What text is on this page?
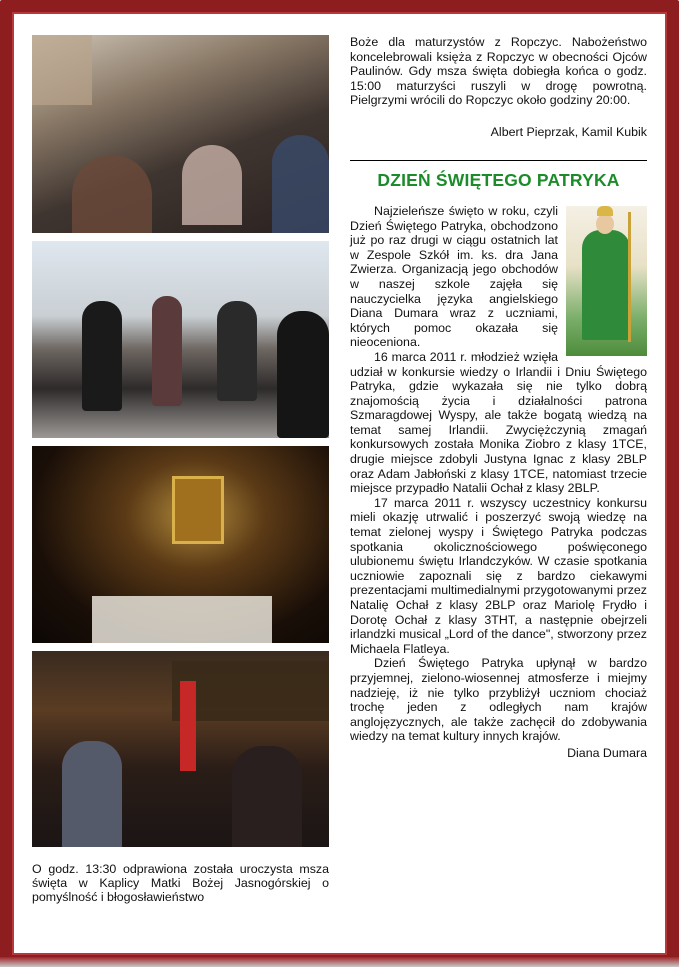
O godz. 13:30 odprawiona została uroczysta msza święta w Kaplicy Matki Bożej Jasnogórskiej o pomyślność i błogosławieństwo

Boże dla maturzystów z Ropczyc. Nabożeństwo koncelebrowali księża z Ropczyc w obecności Ojców Paulinów. Gdy msza święta dobiegła końca o godz. 15:00 maturzyści ruszyli w drogę powrotną. Pielgrzymi wrócili do Ropczyc około godziny 20:00.

Albert Pieprzak, Kamil Kubik
DZIEŃ ŚWIĘTEGO PATRYKA

Najzieleńsze święto w roku, czyli Dzień Świętego Patryka, obchodzono już po raz drugi w ciągu ostatnich lat w Zespole Szkół im. ks. dra Jana Zwierza. Organizacją jego obchodów w naszej szkole zajęła się nauczycielka języka angielskiego Diana Dumara wraz z uczniami, których pomoc okazała się nieoceniona.

16 marca 2011 r. młodzież wzięła udział w konkursie wiedzy o Irlandii i Dniu Świętego Patryka, gdzie wykazała się nie tylko dobrą znajomością życia i działalności patrona Szmaragdowej Wyspy, ale także bogatą wiedzą na temat samej Irlandii. Zwyciężczynią zmagań konkursowych została Monika Ziobro z klasy 1TCE, drugie miejsce zdobyli Justyna Ignac z klasy 2BLP oraz Adam Jabłoński z klasy 1TCE, natomiast trzecie miejsce przypadło Natalii Ochał z klasy 2BLP.

17 marca 2011 r. wszyscy uczestnicy konkursu mieli okazję utrwalić i poszerzyć swoją wiedzę na temat zielonej wyspy i Świętego Patryka podczas spotkania okolicznościowego poświęconego ulubionemu świętu Irlandczyków. W czasie spotkania uczniowie zapoznali się z bardzo ciekawymi prezentacjami multimedialnymi przygotowanymi przez Natalię Ochał z klasy 2BLP oraz Mariolę Frydło i Dorotę Ochał z klasy 3THT, a następnie obejrzeli irlandzki musical „Lord of the dance", stworzony przez Michaela Flatleya.

Dzień Świętego Patryka upłynął w bardzo przyjemnej, zielono-wiosennej atmosferze i miejmy nadzieję, iż nie tylko przybliżył uczniom chociaż trochę jeden z odległych nam krajów anglojęzycznych, ale także zachęcił do zdobywania wiedzy na temat kultury innych krajów.

Diana Dumara
